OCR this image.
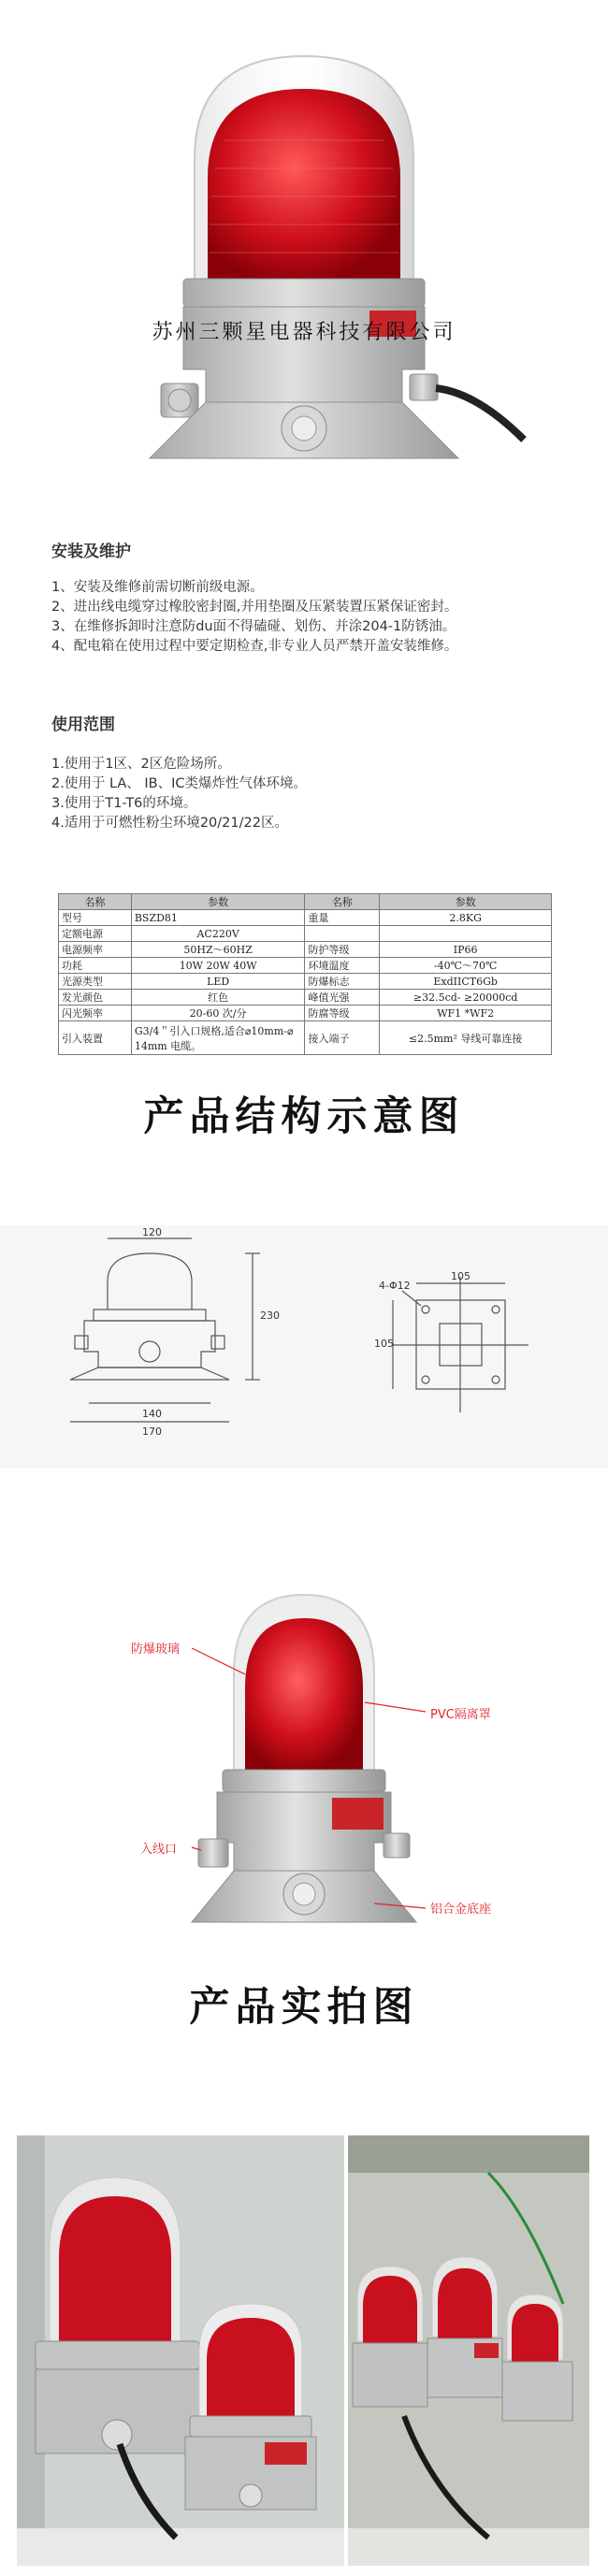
苏州三颗星电器科技有限公司
安装及维护
1、安装及维修前需切断前级电源。
2、进出线电缆穿过橡胶密封圈,并用垫圈及压紧装置压紧保证密封。
3、在维修拆卸时注意防du面不得磕碰、划伤、并涂204-1防锈油。
4、配电箱在使用过程中要定期检查,非专业人员严禁开盖安装维修。
使用范围
1.使用于1区、2区危险场所。
2.使用于 LA、 IB、IC类爆炸性气体环境。
3.使用于T1-T6的环境。
4.适用于可燃性粉尘环境20/21/22区。
名称	参数	名称	参数
型号	BSZD81	重量	2.8KG
定额电源	AC220V		
电源频率	50HZ～60HZ	防护等级	IP66
功耗	10W 20W 40W	环境温度	-40℃～70℃
光源类型	LED	防爆标志	ExdIICT6Gb
发光颜色	红色	峰值光强	≥32.5cd- ≥20000cd
闪光频率	20-60 次/分	防腐等级	WF1 *WF2
引入装置	G3/4＂引入口规格,适合⌀10mm-⌀ 14mm 电缆。	接入端子	≤2.5mm² 导线可靠连接
产品结构示意图
120
230
140
170
4-Φ12
105
105
防爆玻璃
PVC隔离罩
入线口
铝合金底座
产品实拍图
